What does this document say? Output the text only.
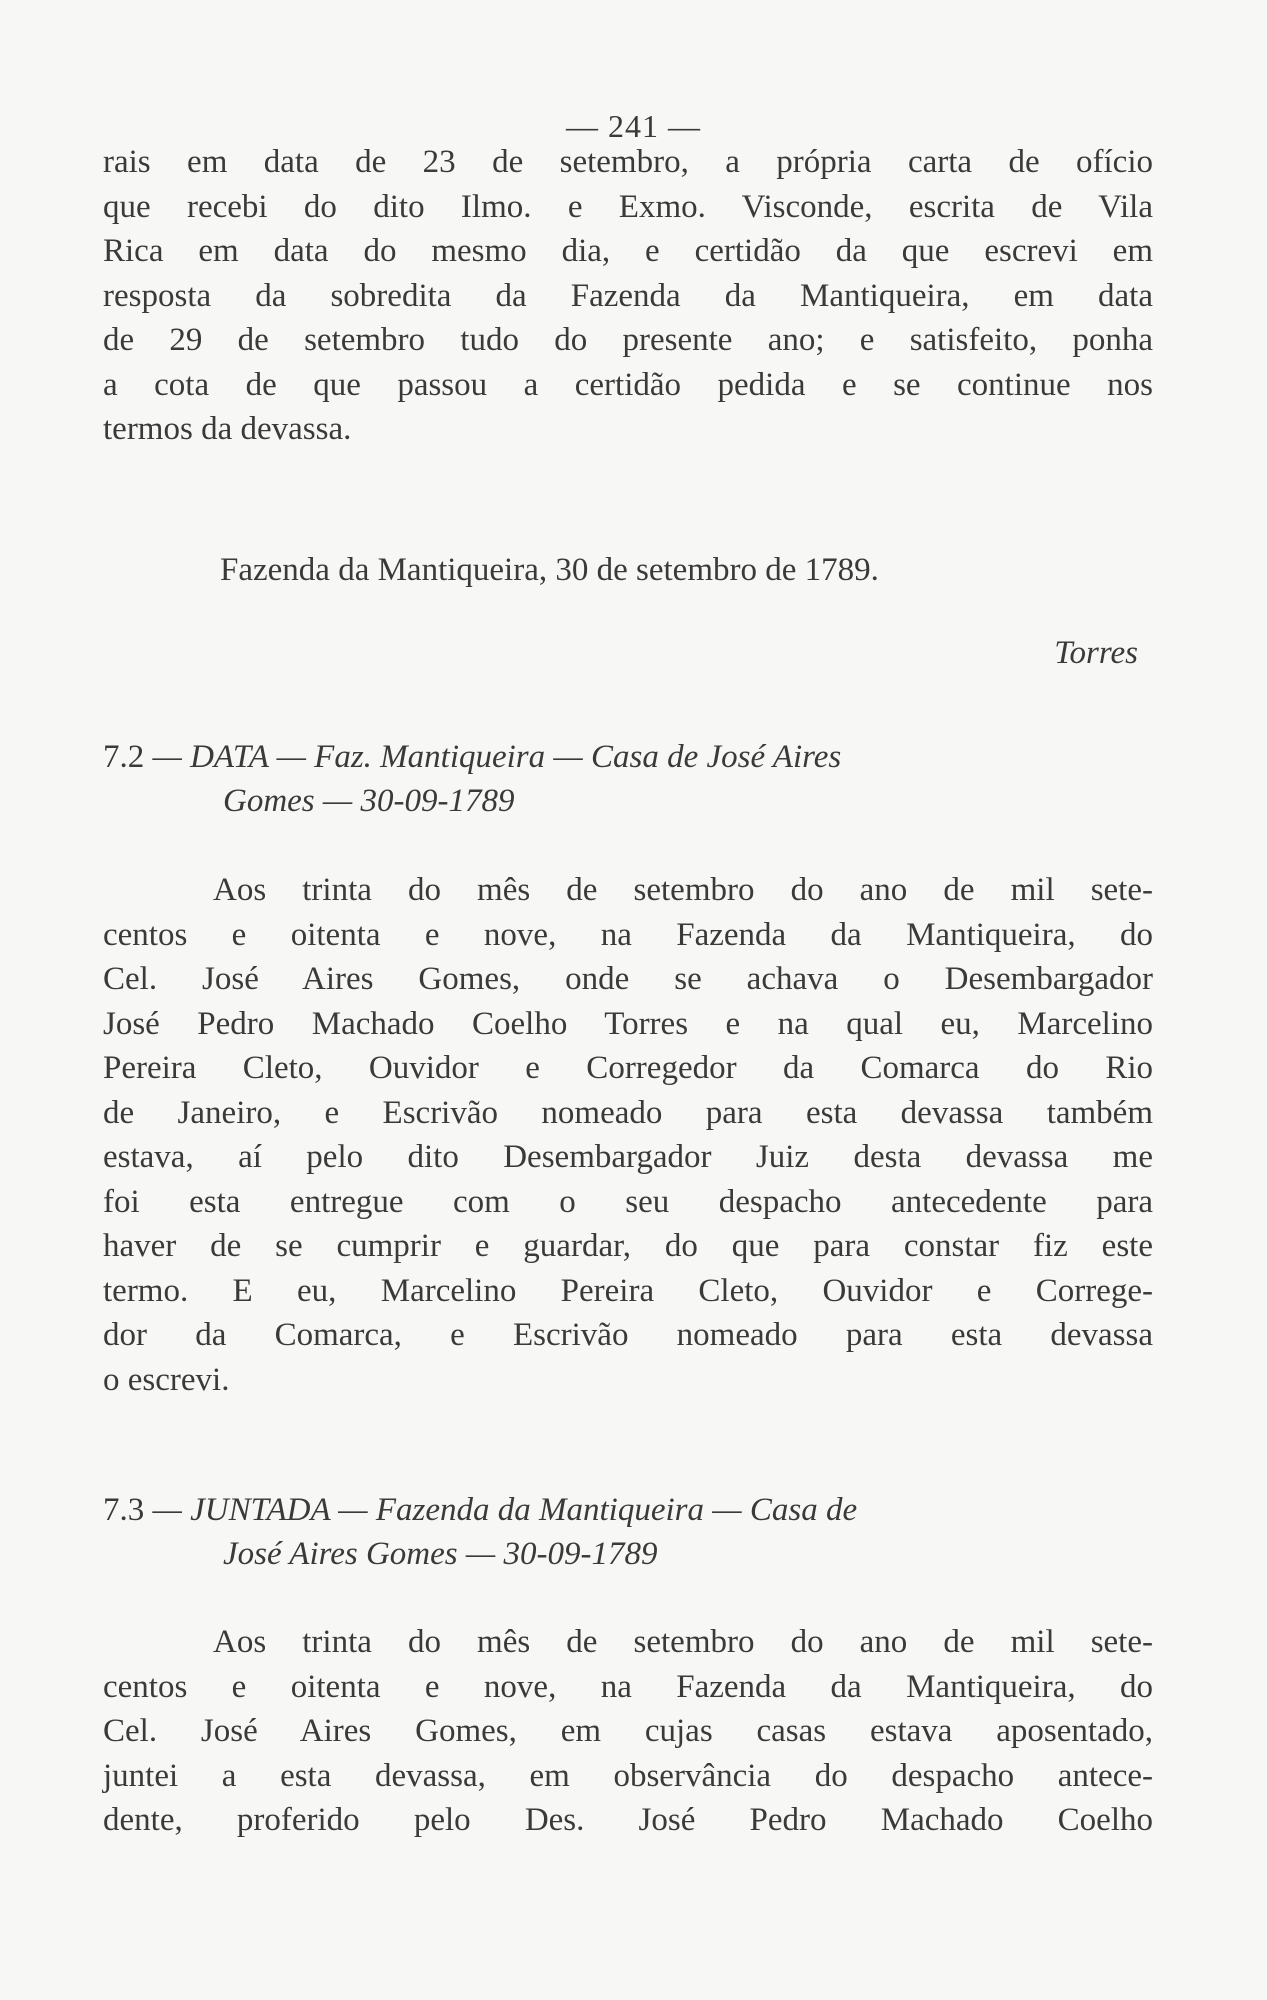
— 241 —
rais em data de 23 de setembro, a própria carta de ofício
que recebi do dito Ilmo. e Exmo. Visconde, escrita de Vila
Rica em data do mesmo dia, e certidão da que escrevi em
resposta da sobredita da Fazenda da Mantiqueira, em data
de 29 de setembro tudo do presente ano; e satisfeito, ponha
a cota de que passou a certidão pedida e se continue nos
termos da devassa.

Fazenda da Mantiqueira, 30 de setembro de 1789.

Torres

7.2 — DATA — Faz. Mantiqueira — Casa de José Aires
Gomes — 30-09-1789
Aos trinta do mês de setembro do ano de mil sete-
centos e oitenta e nove, na Fazenda da Mantiqueira, do
Cel. José Aires Gomes, onde se achava o Desembargador
José Pedro Machado Coelho Torres e na qual eu, Marcelino
Pereira Cleto, Ouvidor e Corregedor da Comarca do Rio
de Janeiro, e Escrivão nomeado para esta devassa também
estava, aí pelo dito Desembargador Juiz desta devassa me
foi esta entregue com o seu despacho antecedente para
haver de se cumprir e guardar, do que para constar fiz este
termo. E eu, Marcelino Pereira Cleto, Ouvidor e Correge-
dor da Comarca, e Escrivão nomeado para esta devassa
o escrevi.
7.3 — JUNTADA — Fazenda da Mantiqueira — Casa de
José Aires Gomes — 30-09-1789
Aos trinta do mês de setembro do ano de mil sete-
centos e oitenta e nove, na Fazenda da Mantiqueira, do
Cel. José Aires Gomes, em cujas casas estava aposentado,
juntei a esta devassa, em observância do despacho antece-
dente, proferido pelo Des. José Pedro Machado Coelho
